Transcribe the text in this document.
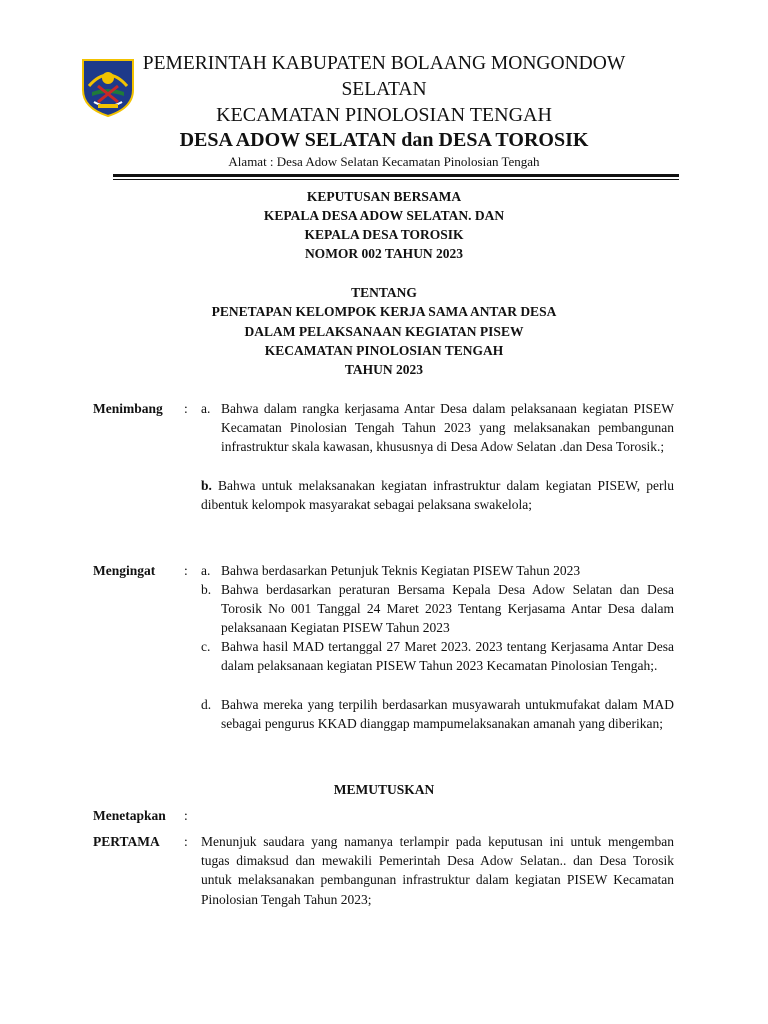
PEMERINTAH KABUPATEN BOLAANG MONGONDOW
SELATAN
KECAMATAN PINOLOSIAN TENGAH
DESA ADOW SELATAN dan DESA TOROSIK
Alamat : Desa Adow Selatan Kecamatan Pinolosian Tengah
KEPUTUSAN BERSAMA
KEPALA DESA ADOW SELATAN. DAN
KEPALA DESA TOROSIK
NOMOR 002 TAHUN 2023
TENTANG
PENETAPAN KELOMPOK KERJA SAMA ANTAR DESA
DALAM PELAKSANAAN KEGIATAN PISEW
KECAMATAN PINOLOSIAN TENGAH
TAHUN 2023
Menimbang : a. Bahwa dalam rangka kerjasama Antar Desa dalam pelaksanaan kegiatan PISEW Kecamatan Pinolosian Tengah Tahun 2023 yang melaksanakan pembangunan infrastruktur skala kawasan, khususnya di Desa Adow Selatan .dan Desa Torosik.;
b. Bahwa untuk melaksanakan kegiatan infrastruktur dalam kegiatan PISEW, perlu dibentuk kelompok masyarakat sebagai pelaksana swakelola;
Mengingat : a. Bahwa berdasarkan Petunjuk Teknis Kegiatan PISEW Tahun 2023
b. Bahwa berdasarkan peraturan Bersama Kepala Desa Adow Selatan dan Desa Torosik No 001 Tanggal 24 Maret 2023 Tentang Kerjasama Antar Desa dalam pelaksanaan Kegiatan PISEW Tahun 2023
c. Bahwa hasil MAD tertanggal 27 Maret 2023. 2023 tentang Kerjasama Antar Desa dalam pelaksanaan kegiatan PISEW Tahun 2023 Kecamatan Pinolosian Tengah;.
d. Bahwa mereka yang terpilih berdasarkan musyawarah untukmufakat dalam MAD sebagai pengurus KKAD dianggap mampumelaksanakan amanah yang diberikan;
MEMUTUSKAN
Menetapkan :
PERTAMA : Menunjuk saudara yang namanya terlampir pada keputusan ini untuk mengemban tugas dimaksud dan mewakili Pemerintah Desa Adow Selatan.. dan Desa Torosik untuk melaksanakan pembangunan infrastruktur dalam kegiatan PISEW Kecamatan Pinolosian Tengah Tahun 2023;
